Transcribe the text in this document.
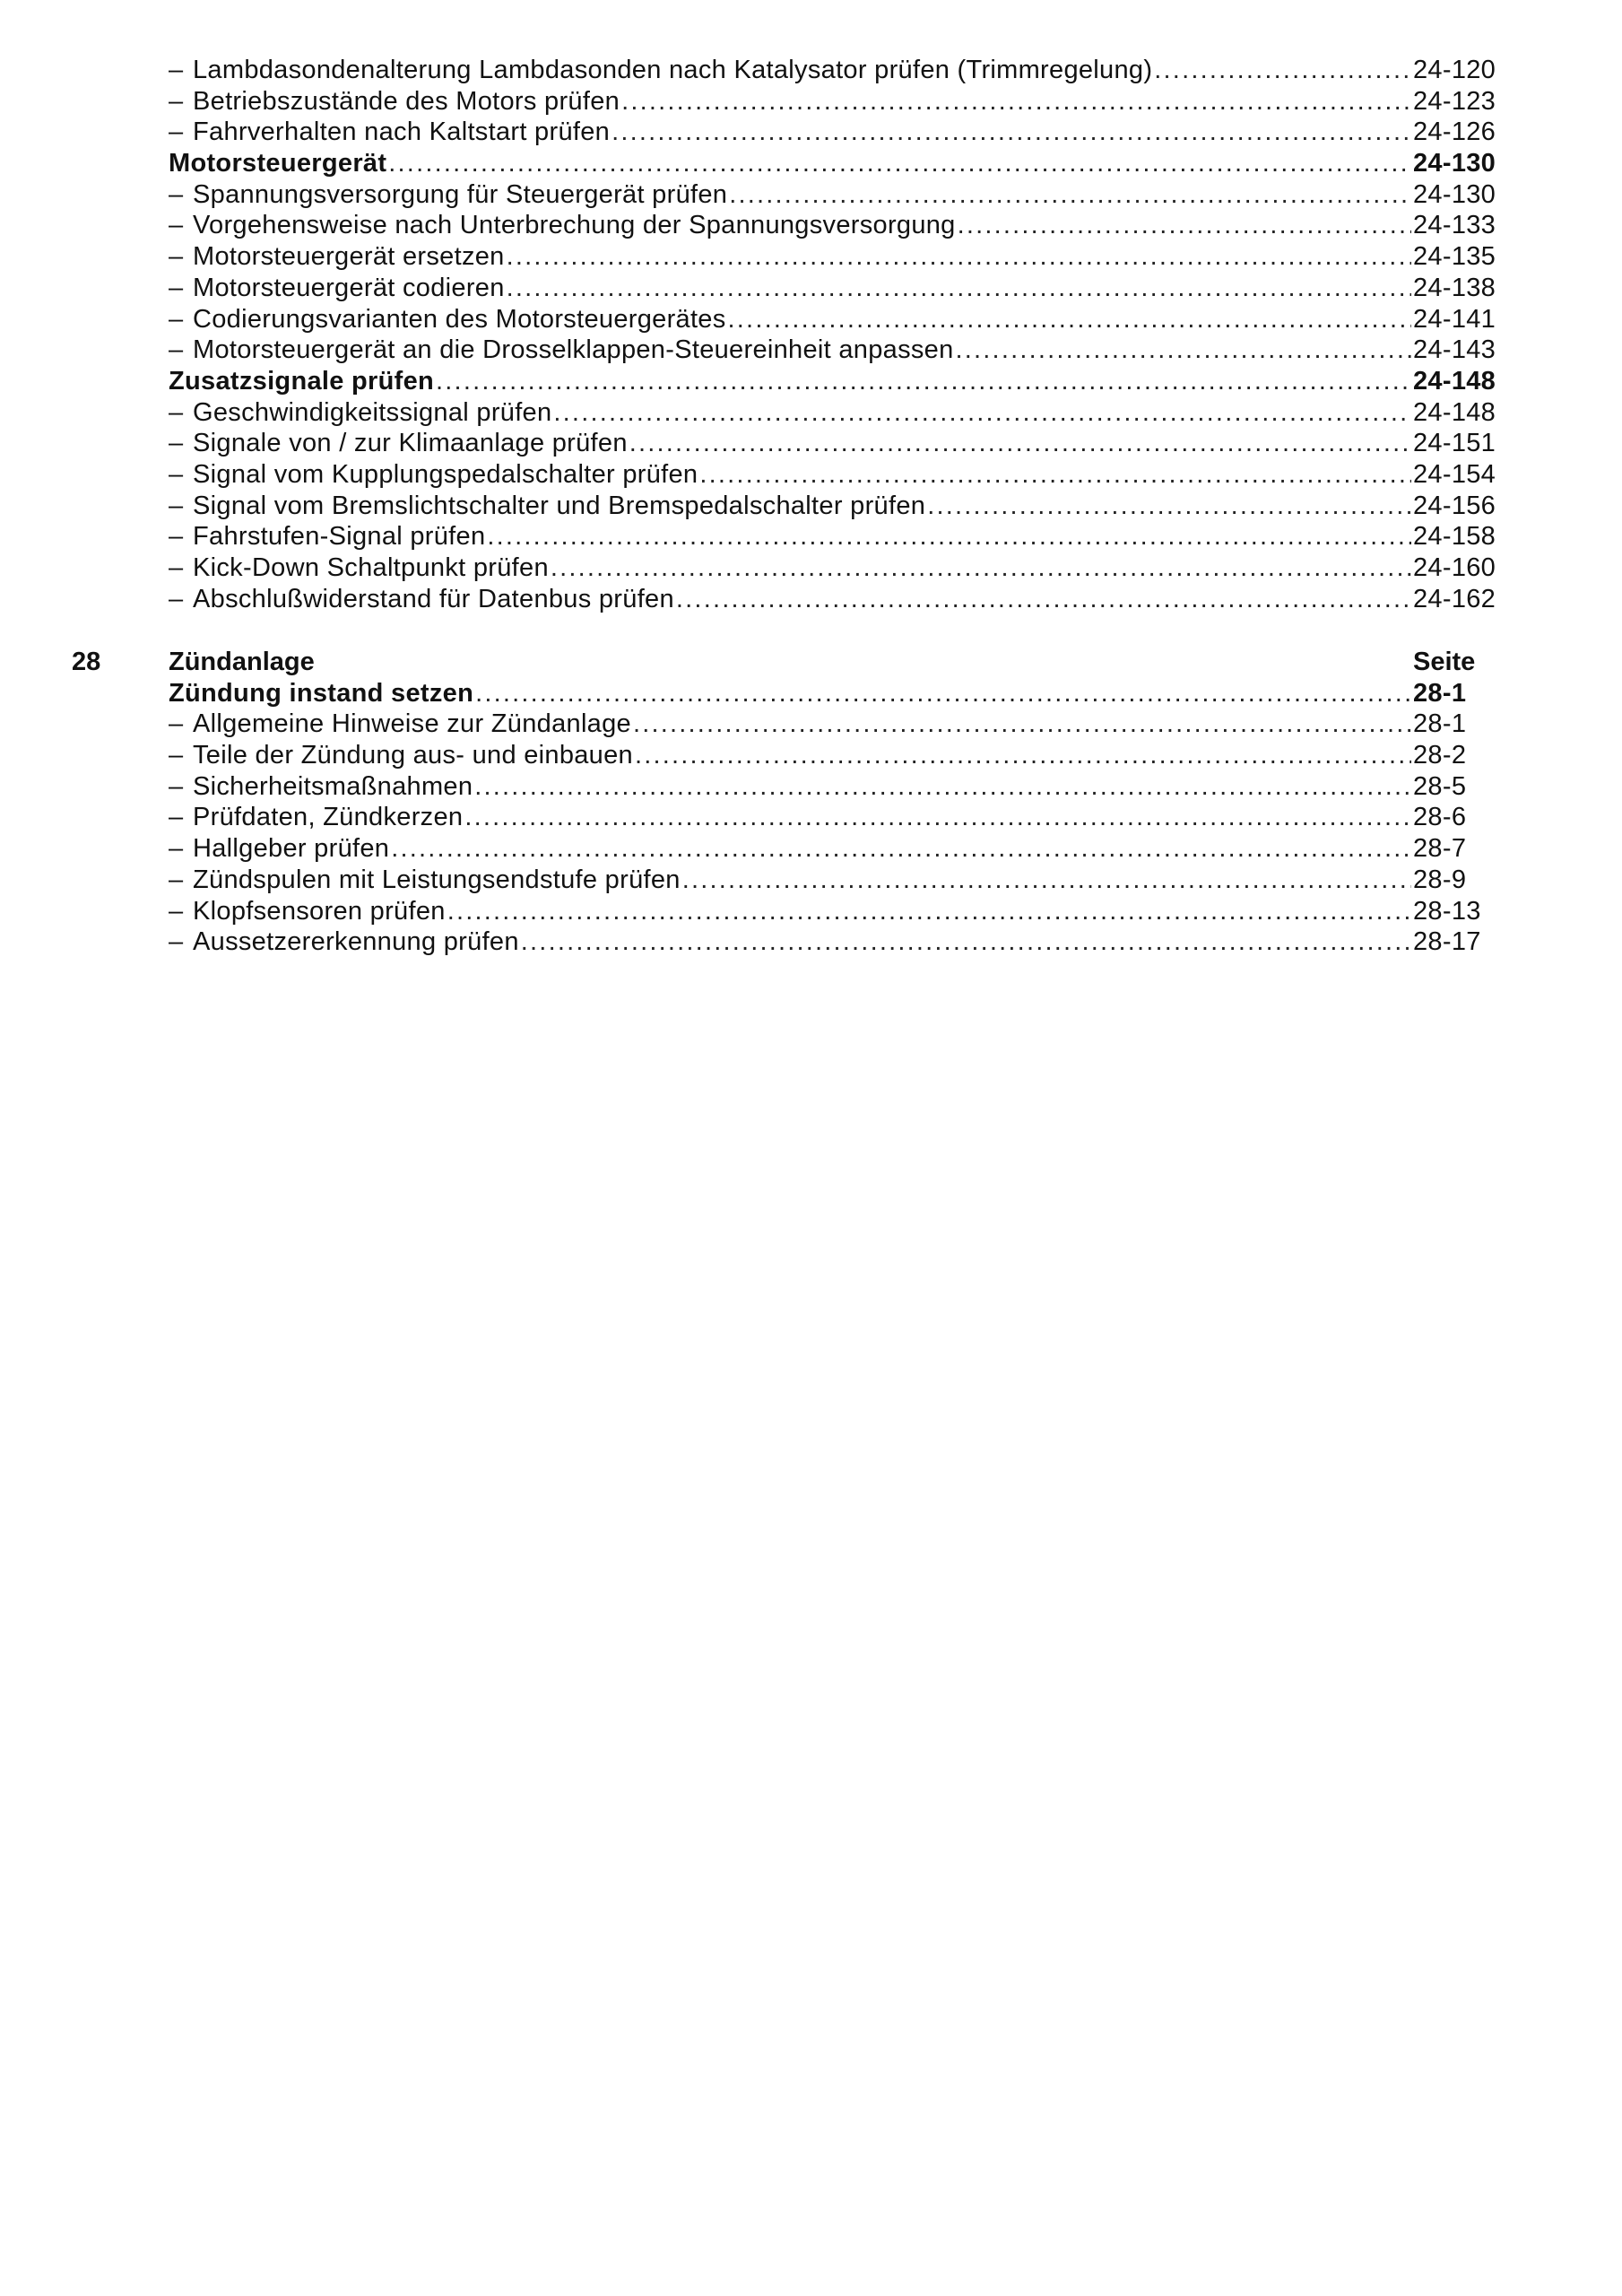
– Lambdasondenalterung Lambdasonden nach Katalysator prüfen (Trimmregelung) .....	24-120
– Betriebszustände des Motors prüfen .....	24-123
– Fahrverhalten nach Kaltstart prüfen .....	24-126
Motorsteuergerät .....	24-130
– Spannungsversorgung für Steuergerät prüfen .....	24-130
– Vorgehensweise nach Unterbrechung der Spannungsversorgung .....	24-133
– Motorsteuergerät ersetzen .....	24-135
– Motorsteuergerät codieren .....	24-138
– Codierungsvarianten des Motorsteuergerätes .....	24-141
– Motorsteuergerät an die Drosselklappen-Steuereinheit anpassen .....	24-143
Zusatzsignale prüfen .....	24-148
– Geschwindigkeitssignal prüfen .....	24-148
– Signale von / zur Klimaanlage prüfen .....	24-151
– Signal vom Kupplungspedalschalter prüfen .....	24-154
– Signal vom Bremslichtschalter und Bremspedalschalter prüfen .....	24-156
– Fahrstufen-Signal prüfen .....	24-158
– Kick-Down Schaltpunkt prüfen .....	24-160
– Abschlußwiderstand für Datenbus prüfen .....	24-162
28	Zündanlage	Seite
Zündung instand setzen .....	28-1
– Allgemeine Hinweise zur Zündanlage .....	28-1
– Teile der Zündung aus- und einbauen .....	28-2
– Sicherheitsmaßnahmen .....	28-5
– Prüfdaten, Zündkerzen .....	28-6
– Hallgeber prüfen .....	28-7
– Zündspulen mit Leistungsendstufe prüfen .....	28-9
– Klopfsensoren prüfen .....	28-13
– Aussetzererkennung prüfen .....	28-17
